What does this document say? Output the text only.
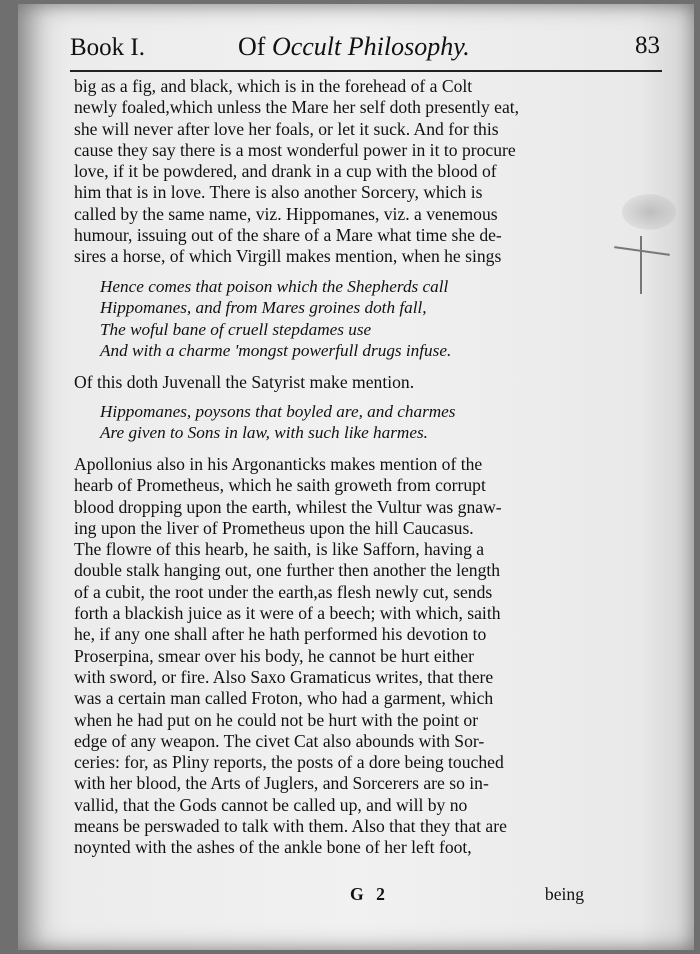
Book I.	Of Occult Philosophy.	83

big as a fig, and black, which is in the forehead of a Colt
newly foaled,which unless the Mare her self doth presently eat,
she will never after love her foals, or let it suck. And for this
cause they say there is a most wonderful power in it to procure
love, if it be powdered, and drank in a cup with the blood of
him that is in love. There is also another Sorcery, which is
called by the same name, viz. Hippomanes, viz. a venemous
humour, issuing out of the share of a Mare what time she de-
sires a horse, of which Virgill makes mention, when he sings

Hence comes that poison which the Shepherds call
Hippomanes, and from Mares groines doth fall,
The woful bane of cruell stepdames use
And with a charme 'mongst powerfull drugs infuse.

Of this doth Juvenall the Satyrist make mention.

Hippomanes, poysons that boyled are, and charmes
Are given to Sons in law, with such like harmes.

Apollonius also in his Argonanticks makes mention of the
hearb of Prometheus, which he saith groweth from corrupt
blood dropping upon the earth, whilest the Vultur was gnaw-
ing upon the liver of Prometheus upon the hill Caucasus.
The flowre of this hearb, he saith, is like Safforn, having a
double stalk hanging out, one further then another the length
of a cubit, the root under the earth,as flesh newly cut, sends
forth a blackish juice as it were of a beech; with which, saith
he, if any one shall after he hath performed his devotion to
Proserpina, smear over his body, he cannot be hurt either
with sword, or fire. Also Saxo Gramaticus writes, that there
was a certain man called Froton, who had a garment, which
when he had put on he could not be hurt with the point or
edge of any weapon. The civet Cat also abounds with Sor-
ceries: for, as Pliny reports, the posts of a dore being touched
with her blood, the Arts of Juglers, and Sorcerers are so in-
vallid, that the Gods cannot be called up, and will by no
means be perswaded to talk with them. Also that they that are
noynted with the ashes of the ankle bone of her left foot,

G 2	being
